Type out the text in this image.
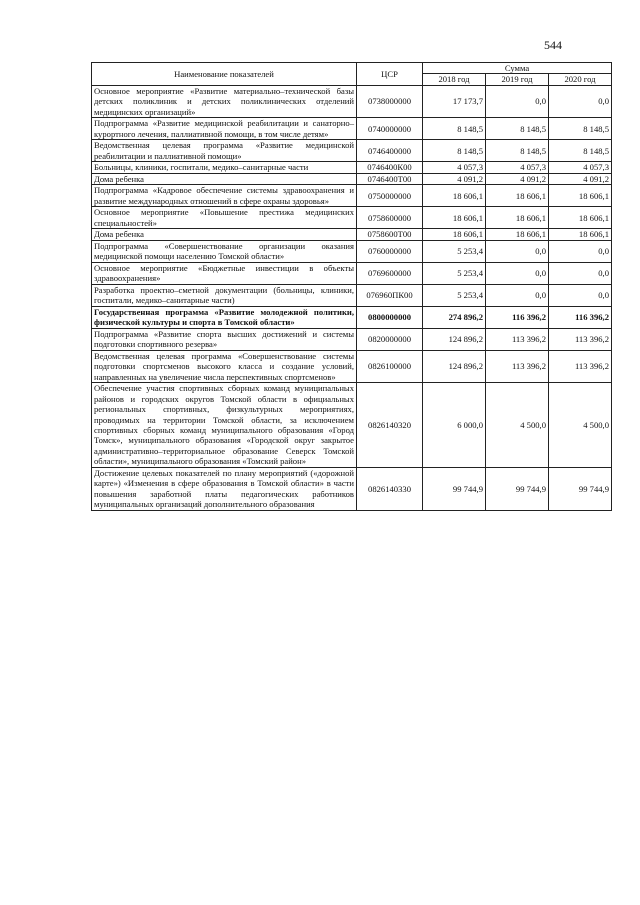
544
Наименование показателей	ЦСР	Сумма		
		2018 год	2019 год	2020 год
Основное мероприятие «Развитие материально–технической базы детских поликлиник и детских поликлинических отделений медицинских организаций»	0738000000	17 173,7	0,0	0,0
Подпрограмма «Развитие медицинской реабилитации и санаторно–курортного лечения, паллиативной помощи, в том числе детям»	0740000000	8 148,5	8 148,5	8 148,5
Ведомственная целевая программа «Развитие медицинской реабилитации и паллиативной помощи»	0746400000	8 148,5	8 148,5	8 148,5
Больницы, клиники, госпитали, медико–санитарные части	0746400К00	4 057,3	4 057,3	4 057,3
Дома ребенка	0746400Т00	4 091,2	4 091,2	4 091,2
Подпрограмма «Кадровое обеспечение системы здравоохранения и развитие международных отношений в сфере охраны здоровья»	0750000000	18 606,1	18 606,1	18 606,1
Основное мероприятие «Повышение престижа медицинских специальностей»	0758600000	18 606,1	18 606,1	18 606,1
Дома ребенка	0758600Т00	18 606,1	18 606,1	18 606,1
Подпрограмма «Совершенствование организации оказания медицинской помощи населению Томской области»	0760000000	5 253,4	0,0	0,0
Основное мероприятие «Бюджетные инвестиции в объекты здравоохранения»	0769600000	5 253,4	0,0	0,0
Разработка проектно–сметной документации (больницы, клиники, госпитали, медико–санитарные части)	076960ПК00	5 253,4	0,0	0,0
Государственная программа «Развитие молодежной политики, физической культуры и спорта в Томской области»	0800000000	274 896,2	116 396,2	116 396,2
Подпрограмма «Развитие спорта высших достижений и системы подготовки спортивного резерва»	0820000000	124 896,2	113 396,2	113 396,2
Ведомственная целевая программа «Совершенствование системы подготовки спортсменов высокого класса и создание условий, направленных на увеличение числа перспективных спортсменов»	0826100000	124 896,2	113 396,2	113 396,2
Обеспечение участия спортивных сборных команд муниципальных районов и городских округов Томской области в официальных региональных спортивных, физкультурных мероприятиях, проводимых на территории Томской области, за исключением спортивных сборных команд муниципального образования «Город Томск», муниципального образования «Городской округ закрытое административно–территориальное образование Северск Томской области», муниципального образования «Томский район»	0826140320	6 000,0	4 500,0	4 500,0
Достижение целевых показателей по плану мероприятий («дорожной карте») «Изменения в сфере образования в Томской области» в части повышения заработной платы педагогических работников муниципальных организаций дополнительного образования	0826140330	99 744,9	99 744,9	99 744,9
